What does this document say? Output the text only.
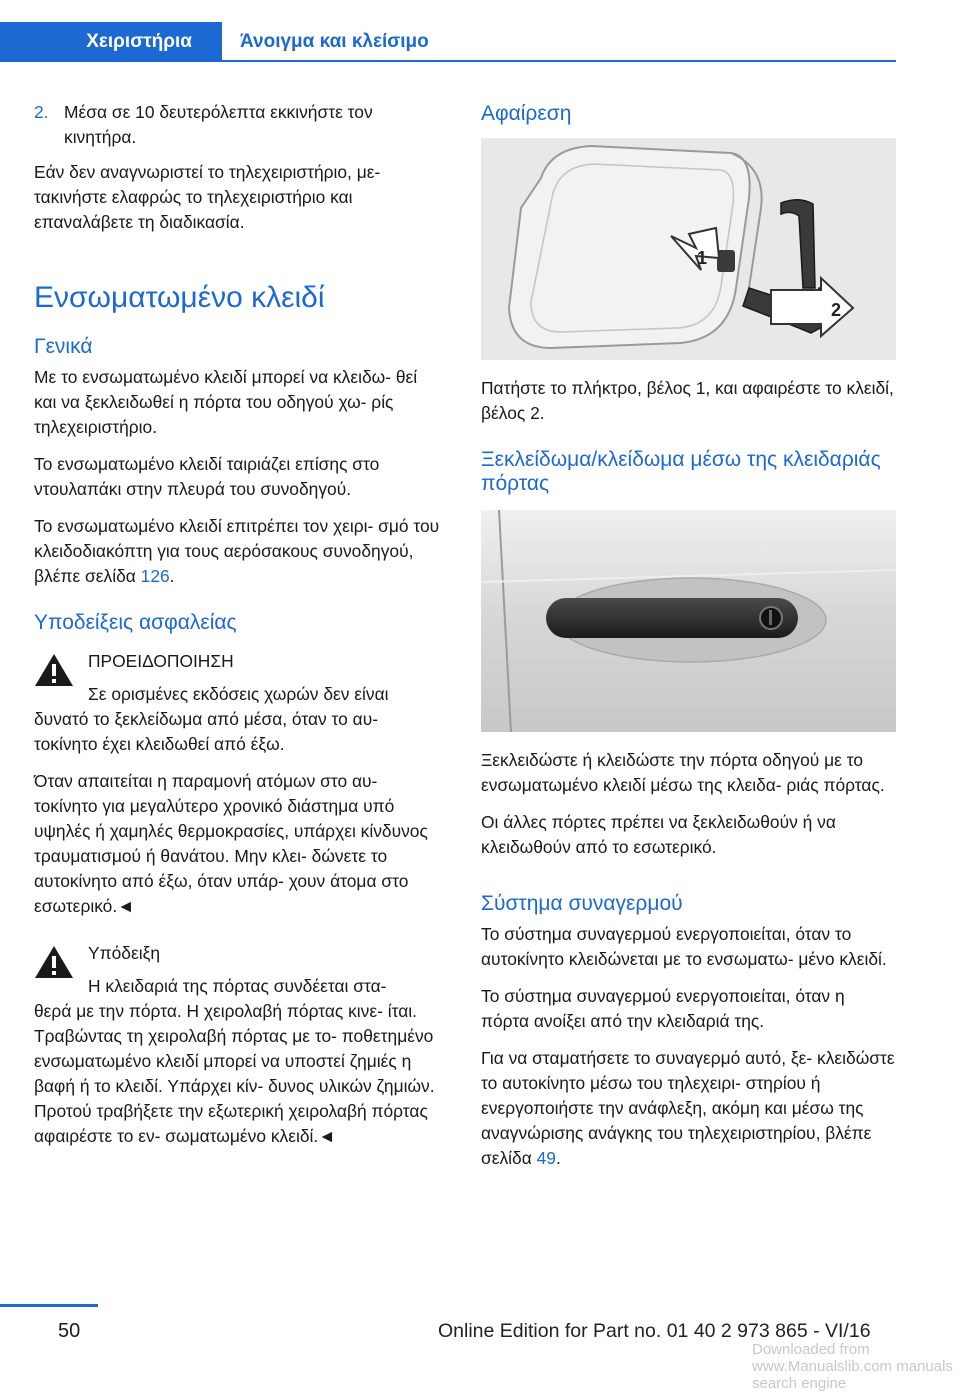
Χειριστήρια	Άνοιγμα και κλείσιμο
2. Μέσα σε 10 δευτερόλεπτα εκκινήστε τον κινητήρα.

Εάν δεν αναγνωριστεί το τηλεχειριστήριο, με- τακινήστε ελαφρώς το τηλεχειριστήριο και επαναλάβετε τη διαδικασία.

Ενσωματωμένο κλειδί
Γενικά

Με το ενσωματωμένο κλειδί μπορεί να κλειδω- θεί και να ξεκλειδωθεί η πόρτα του οδηγού χω- ρίς τηλεχειριστήριο.

Το ενσωματωμένο κλειδί ταιριάζει επίσης στο ντουλαπάκι στην πλευρά του συνοδηγού.

Το ενσωματωμένο κλειδί επιτρέπει τον χειρι- σμό του κλειδοδιακόπτη για τους αερόσακους συνοδηγού, βλέπε σελίδα 126.

Υποδείξεις ασφαλείας
ΠΡΟΕΙΔΟΠΟΙΗΣΗ

Σε ορισμένες εκδόσεις χωρών δεν είναι

δυνατό το ξεκλείδωμα από μέσα, όταν το αυ- τοκίνητο έχει κλειδωθεί από έξω.

Όταν απαιτείται η παραμονή ατόμων στο αυ- τοκίνητο για μεγαλύτερο χρονικό διάστημα υπό υψηλές ή χαμηλές θερμοκρασίες, υπάρχει κίνδυνος τραυματισμού ή θανάτου. Μην κλει- δώνετε το αυτοκίνητο από έξω, όταν υπάρ- χουν άτομα στο εσωτερικό.◄

Υπόδειξη

Η κλειδαριά της πόρτας συνδέεται στα-

θερά με την πόρτα. Η χειρολαβή πόρτας κινε- ίται. Τραβώντας τη χειρολαβή πόρτας με το- ποθετημένο ενσωματωμένο κλειδί μπορεί να υποστεί ζημιές η βαφή ή το κλειδί. Υπάρχει κίν- δυνος υλικών ζημιών. Προτού τραβήξετε την εξωτερική χειρολαβή πόρτας αφαιρέστε το εν- σωματωμένο κλειδί.◄

Αφαίρεση
1
2

Πατήστε το πλήκτρο, βέλος 1, και αφαιρέστε το κλειδί, βέλος 2.

Ξεκλείδωμα/κλείδωμα μέσω της κλειδαριάς πόρτας

Ξεκλειδώστε ή κλειδώστε την πόρτα οδηγού με το ενσωματωμένο κλειδί μέσω της κλειδα- ριάς πόρτας.

Οι άλλες πόρτες πρέπει να ξεκλειδωθούν ή να κλειδωθούν από το εσωτερικό.

Σύστημα συναγερμού

Το σύστημα συναγερμού ενεργοποιείται, όταν το αυτοκίνητο κλειδώνεται με το ενσωματω- μένο κλειδί.

Το σύστημα συναγερμού ενεργοποιείται, όταν η πόρτα ανοίξει από την κλειδαριά της.

Για να σταματήσετε το συναγερμό αυτό, ξε- κλειδώστε το αυτοκίνητο μέσω του τηλεχειρι- στηρίου ή ενεργοποιήστε την ανάφλεξη, ακόμη και μέσω της αναγνώρισης ανάγκης του τηλεχειριστηρίου, βλέπε σελίδα 49.

50	Online Edition for Part no. 01 40 2 973 865 - VI/16
Downloaded from www.Manualslib.com manuals search engine
